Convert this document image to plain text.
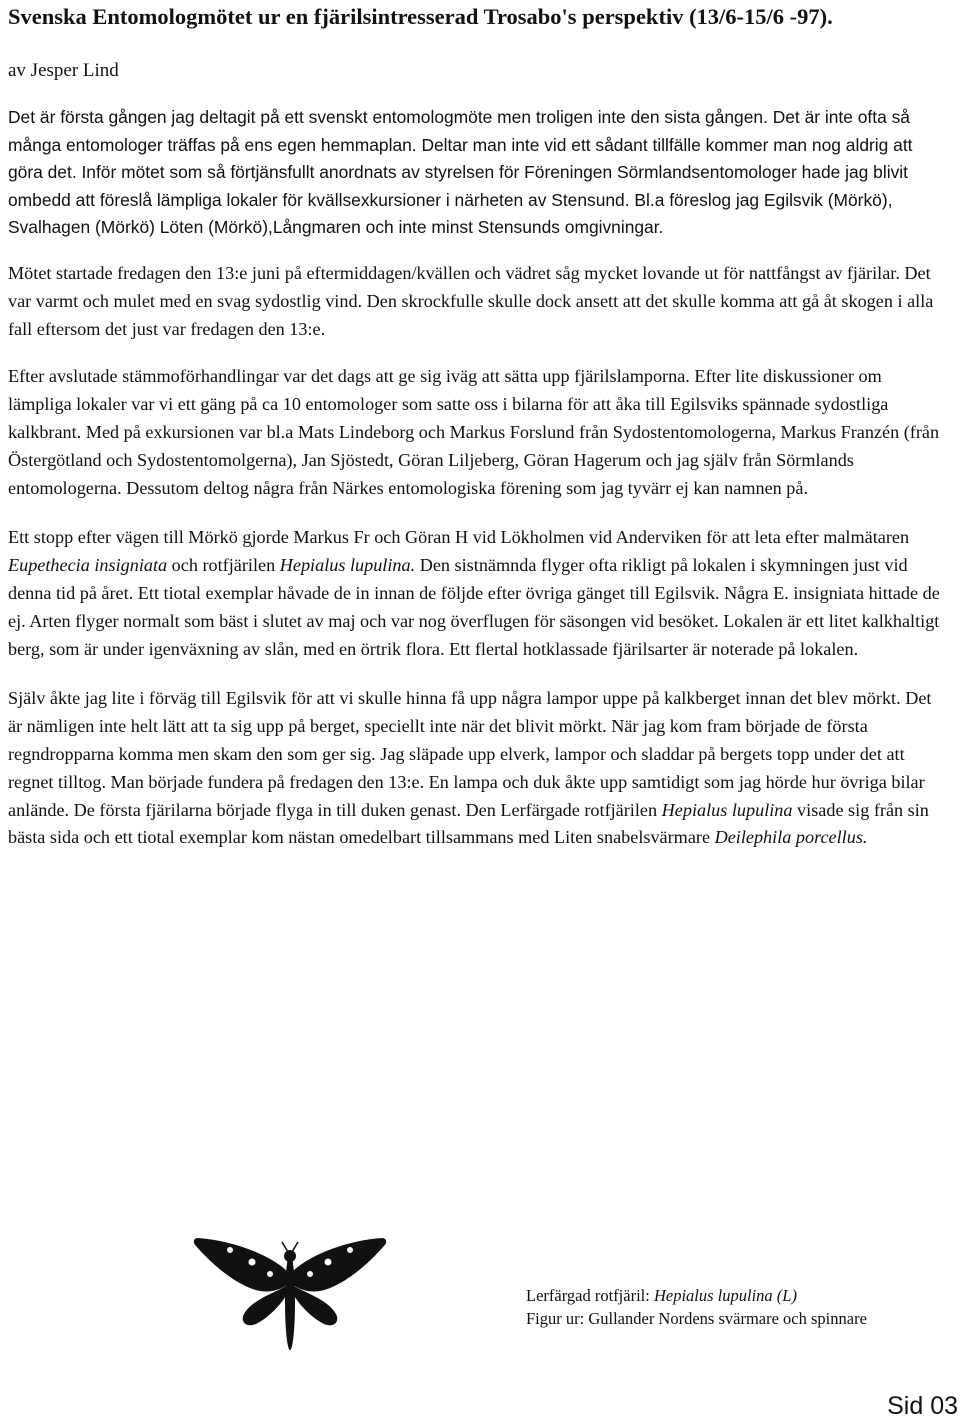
Svenska Entomologmötet ur en fjärilsintresserad Trosabo's perspektiv (13/6-15/6 -97).

av Jesper Lind

Det är första gången jag deltagit på ett svenskt entomologmöte men troligen inte den sista gången. Det är inte ofta så många entomologer träffas på ens egen hemmaplan. Deltar man inte vid ett sådant tillfälle kommer man nog aldrig att göra det. Inför mötet som så förtjänsfullt anordnats av styrelsen för Föreningen Sörmlandsentomologer hade jag blivit ombedd att föreslå lämpliga lokaler för kvällsexkursioner i närheten av Stensund. Bl.a föreslog jag Egilsvik (Mörkö), Svalhagen (Mörkö) Löten (Mörkö),Långmaren och inte minst Stensunds omgivningar.

Mötet startade fredagen den 13:e juni på eftermiddagen/kvällen och vädret såg mycket lovande ut för nattfångst av fjärilar. Det var varmt och mulet med en svag sydostlig vind. Den skrockfulle skulle dock ansett att det skulle komma att gå åt skogen i alla fall eftersom det just var fredagen den 13:e.

Efter avslutade stämmoförhandlingar var det dags att ge sig iväg att sätta upp fjärilslamporna. Efter lite diskussioner om lämpliga lokaler var vi ett gäng på ca 10 entomologer som satte oss i bilarna för att åka till Egilsviks spännade sydostliga kalkbrant. Med på exkursionen var bl.a Mats Lindeborg och Markus Forslund från Sydostentomologerna, Markus Franzén (från Östergötland och Sydostentomolgerna), Jan Sjöstedt, Göran Liljeberg, Göran Hagerum och jag själv från Sörmlands entomologerna. Dessutom deltog några från Närkes entomologiska förening som jag tyvärr ej kan namnen på.

Ett stopp efter vägen till Mörkö gjorde Markus Fr och Göran H vid Lökholmen vid Anderviken för att leta efter malmätaren Eupethecia insigniata och rotfjärilen Hepialus lupulina. Den sistnämnda flyger ofta rikligt på lokalen i skymningen just vid denna tid på året. Ett tiotal exemplar håvade de in innan de följde efter övriga gänget till Egilsvik. Några E. insigniata hittade de ej. Arten flyger normalt som bäst i slutet av maj och var nog överflugen för säsongen vid besöket. Lokalen är ett litet kalkhaltigt berg, som är under igenväxning av slån, med en örtrik flora. Ett flertal hotklassade fjärilsarter är noterade på lokalen.

Själv åkte jag lite i förväg till Egilsvik för att vi skulle hinna få upp några lampor uppe på kalkberget innan det blev mörkt. Det är nämligen inte helt lätt att ta sig upp på berget, speciellt inte när det blivit mörkt. När jag kom fram började de första regndropparna komma men skam den som ger sig. Jag släpade upp elverk, lampor och sladdar på bergets topp under det att regnet tilltog. Man började fundera på fredagen den 13:e. En lampa och duk åkte upp samtidigt som jag hörde hur övriga bilar anlände. De första fjärilarna började flyga in till duken genast. Den Lerfärgade rotfjärilen Hepialus lupulina visade sig från sin bästa sida och ett tiotal exemplar kom nästan omedelbart tillsammans med Liten snabelsvärmare Deilephila porcellus.

Lerfärgad rotfjäril: Hepialus lupulina (L)
Figur ur: Gullander Nordens svärmare och spinnare
Sid 03
